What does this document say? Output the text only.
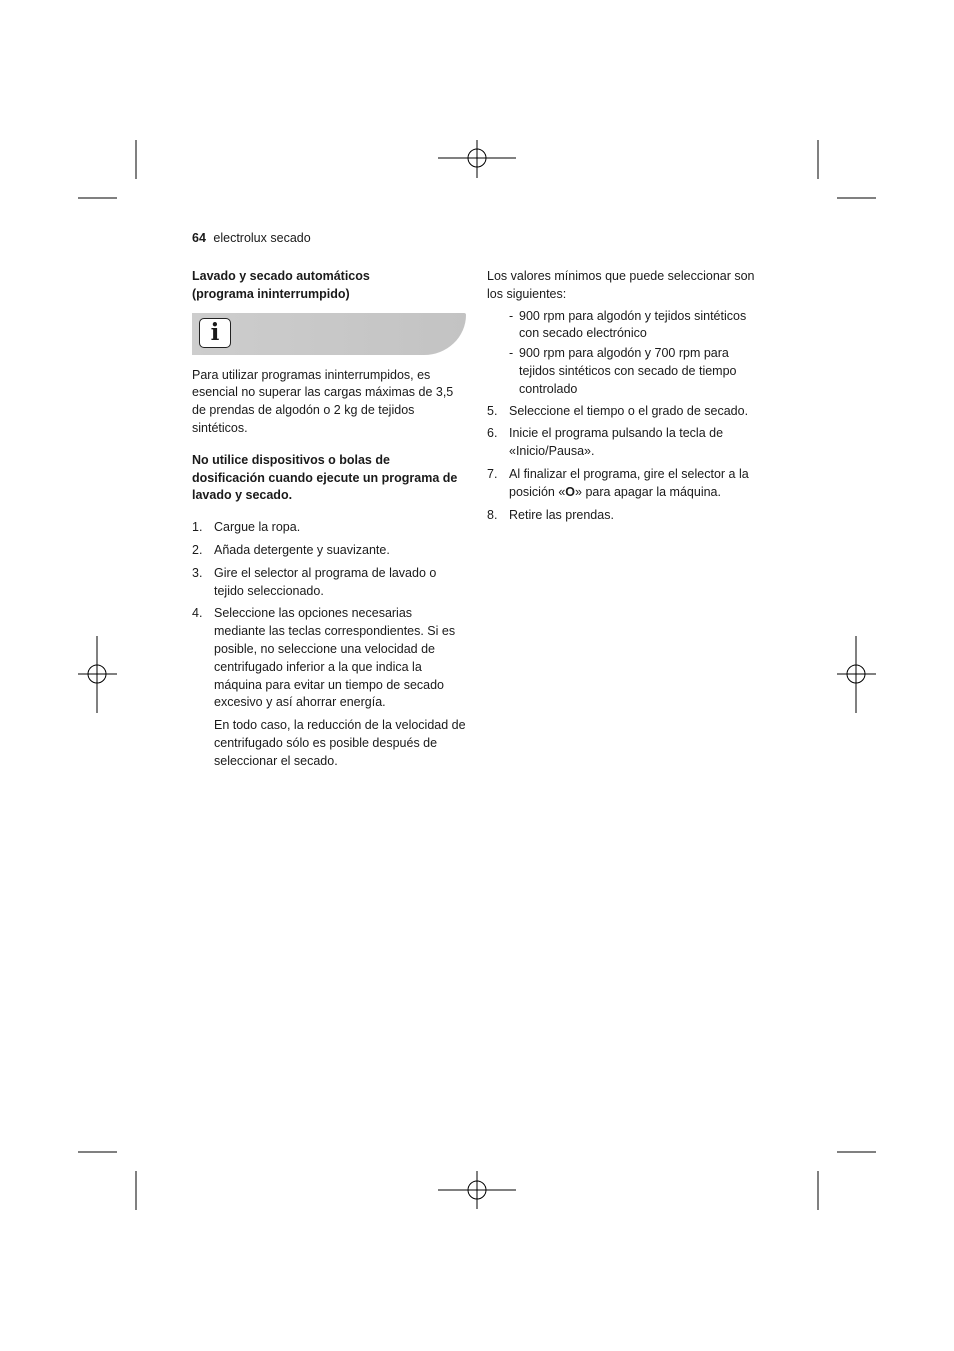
64 electrolux secado
Lavado y secado automáticos
(programa ininterrumpido)
i

Para utilizar programas ininterrumpidos, es esencial no superar las cargas máximas de 3,5 de prendas de algodón o 2 kg de tejidos sintéticos.

No utilice dispositivos o bolas de dosificación cuando ejecute un programa de lavado y secado.

1. Cargue la ropa.
2. Añada detergente y suavizante.
3. Gire el selector al programa de lavado o tejido seleccionado.
4. Seleccione las opciones necesarias mediante las teclas correspondientes. Si es posible, no seleccione una velocidad de centrifugado inferior a la que indica la máquina para evitar un tiempo de secado excesivo y así ahorrar energía.
En todo caso, la reducción de la velocidad de centrifugado sólo es posible después de seleccionar el secado.

Los valores mínimos que puede seleccionar son los siguientes:

- 900 rpm para algodón y tejidos sintéticos con secado electrónico
- 900 rpm para algodón y 700 rpm para tejidos sintéticos con secado de tiempo controlado
5. Seleccione el tiempo o el grado de secado.
6. Inicie el programa pulsando la tecla de «Inicio/Pausa».
7. Al finalizar el programa, gire el selector a la posición «O» para apagar la máquina.
8. Retire las prendas.
